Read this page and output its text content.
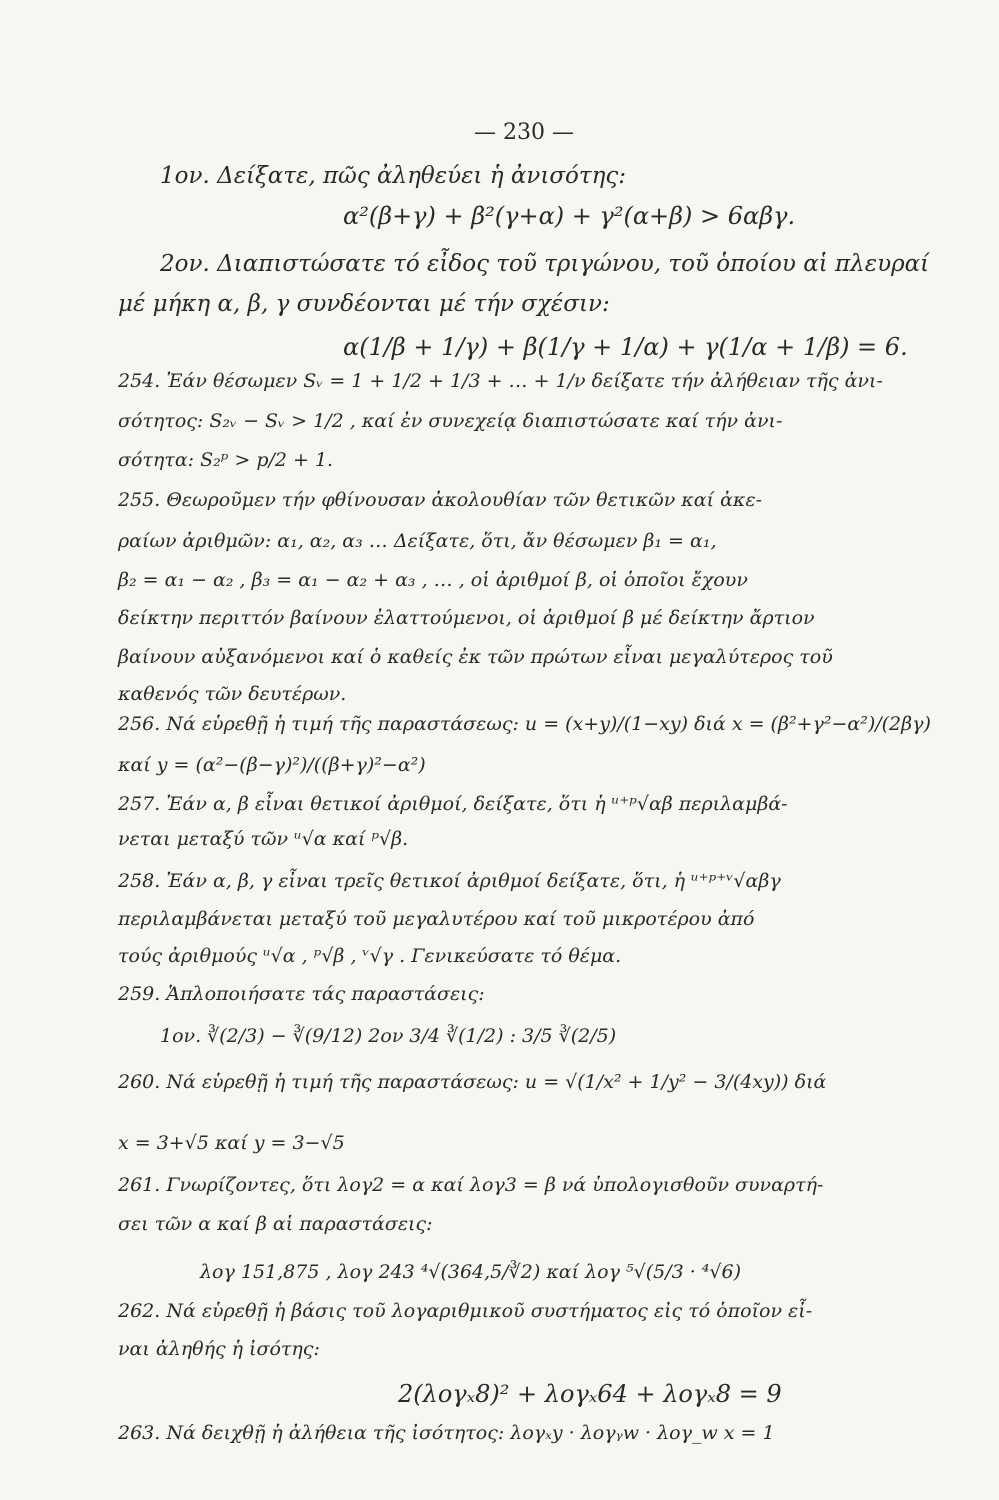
— 230 —
1ον. Δείξατε, πῶς ἀληθεύει ἡ ἀνισότης:
α²(β+γ) + β²(γ+α) + γ²(α+β) > 6αβγ.
2ον. Διαπιστώσατε τό εἶδος τοῦ τριγώνου, τοῦ ὁποίου αἱ πλευραί
μέ μήκη α, β, γ συνδέονται μέ τήν σχέσιν:
α(1/β + 1/γ) + β(1/γ + 1/α) + γ(1/α + 1/β) = 6.
254. Ἐάν θέσωμεν Sᵥ = 1 + 1/2 + 1/3 + … + 1/ν δείξατε τήν ἀλήθειαν τῆς ἀνι-
σότητος: S₂ᵥ − Sᵥ > 1/2 , καί ἐν συνεχείᾳ διαπιστώσατε καί τήν ἀνι-
σότητα: S₂ᵖ > p/2 + 1.
255. Θεωροῦμεν τήν φθίνουσαν ἀκολουθίαν τῶν θετικῶν καί ἀκε-
ραίων ἀριθμῶν: α₁, α₂, α₃ … Δείξατε, ὅτι, ἄν θέσωμεν β₁ = α₁,
β₂ = α₁ − α₂ , β₃ = α₁ − α₂ + α₃ , … , οἱ ἀριθμοί β, οἱ ὁποῖοι ἔχουν
δείκτην περιττόν βαίνουν ἐλαττούμενοι, οἱ ἀριθμοί β μέ δείκτην ἄρτιον
βαίνουν αὐξανόμενοι καί ὁ καθείς ἐκ τῶν πρώτων εἶναι μεγαλύτερος τοῦ
καθενός τῶν δευτέρων.
256. Νά εὑρεθῇ ἡ τιμή τῆς παραστάσεως: u = (x+y)/(1−xy) διά x = (β²+γ²−α²)/(2βγ)
καί y = (α²−(β−γ)²)/((β+γ)²−α²)
257. Ἐάν α, β εἶναι θετικοί ἀριθμοί, δείξατε, ὅτι ἡ ᵘ⁺ᵖ√αβ περιλαμβά-
νεται μεταξύ τῶν ᵘ√α καί ᵖ√β.
258. Ἐάν α, β, γ εἶναι τρεῖς θετικοί ἀριθμοί δείξατε, ὅτι, ἡ ᵘ⁺ᵖ⁺ᵛ√αβγ
περιλαμβάνεται μεταξύ τοῦ μεγαλυτέρου καί τοῦ μικροτέρου ἀπό
τούς ἀριθμούς ᵘ√α , ᵖ√β , ᵛ√γ . Γενικεύσατε τό θέμα.
259. Ἁπλοποιήσατε τάς παραστάσεις:
1ον. ∛(2/3) − ∛(9/12) 2ον 3/4 ∛(1/2) : 3/5 ∛(2/5)
260. Νά εὑρεθῇ ἡ τιμή τῆς παραστάσεως: u = √(1/x² + 1/y² − 3/(4xy)) διά
x = 3+√5 καί y = 3−√5
261. Γνωρίζοντες, ὅτι λογ2 = α καί λογ3 = β νά ὑπολογισθοῦν συναρτή-
σει τῶν α καί β αἱ παραστάσεις:
λογ 151,875 , λογ 243 ⁴√(364,5/∛2) καί λογ ⁵√(5/3 · ⁴√6)
262. Νά εὑρεθῇ ἡ βάσις τοῦ λογαριθμικοῦ συστήματος εἰς τό ὁποῖον εἶ-
ναι ἀληθής ἡ ἰσότης:
2(λογₓ8)² + λογₓ64 + λογₓ8 = 9
263. Νά δειχθῇ ἡ ἀλήθεια τῆς ἰσότητος: λογₓy · λογᵧw · λογ_w x = 1
